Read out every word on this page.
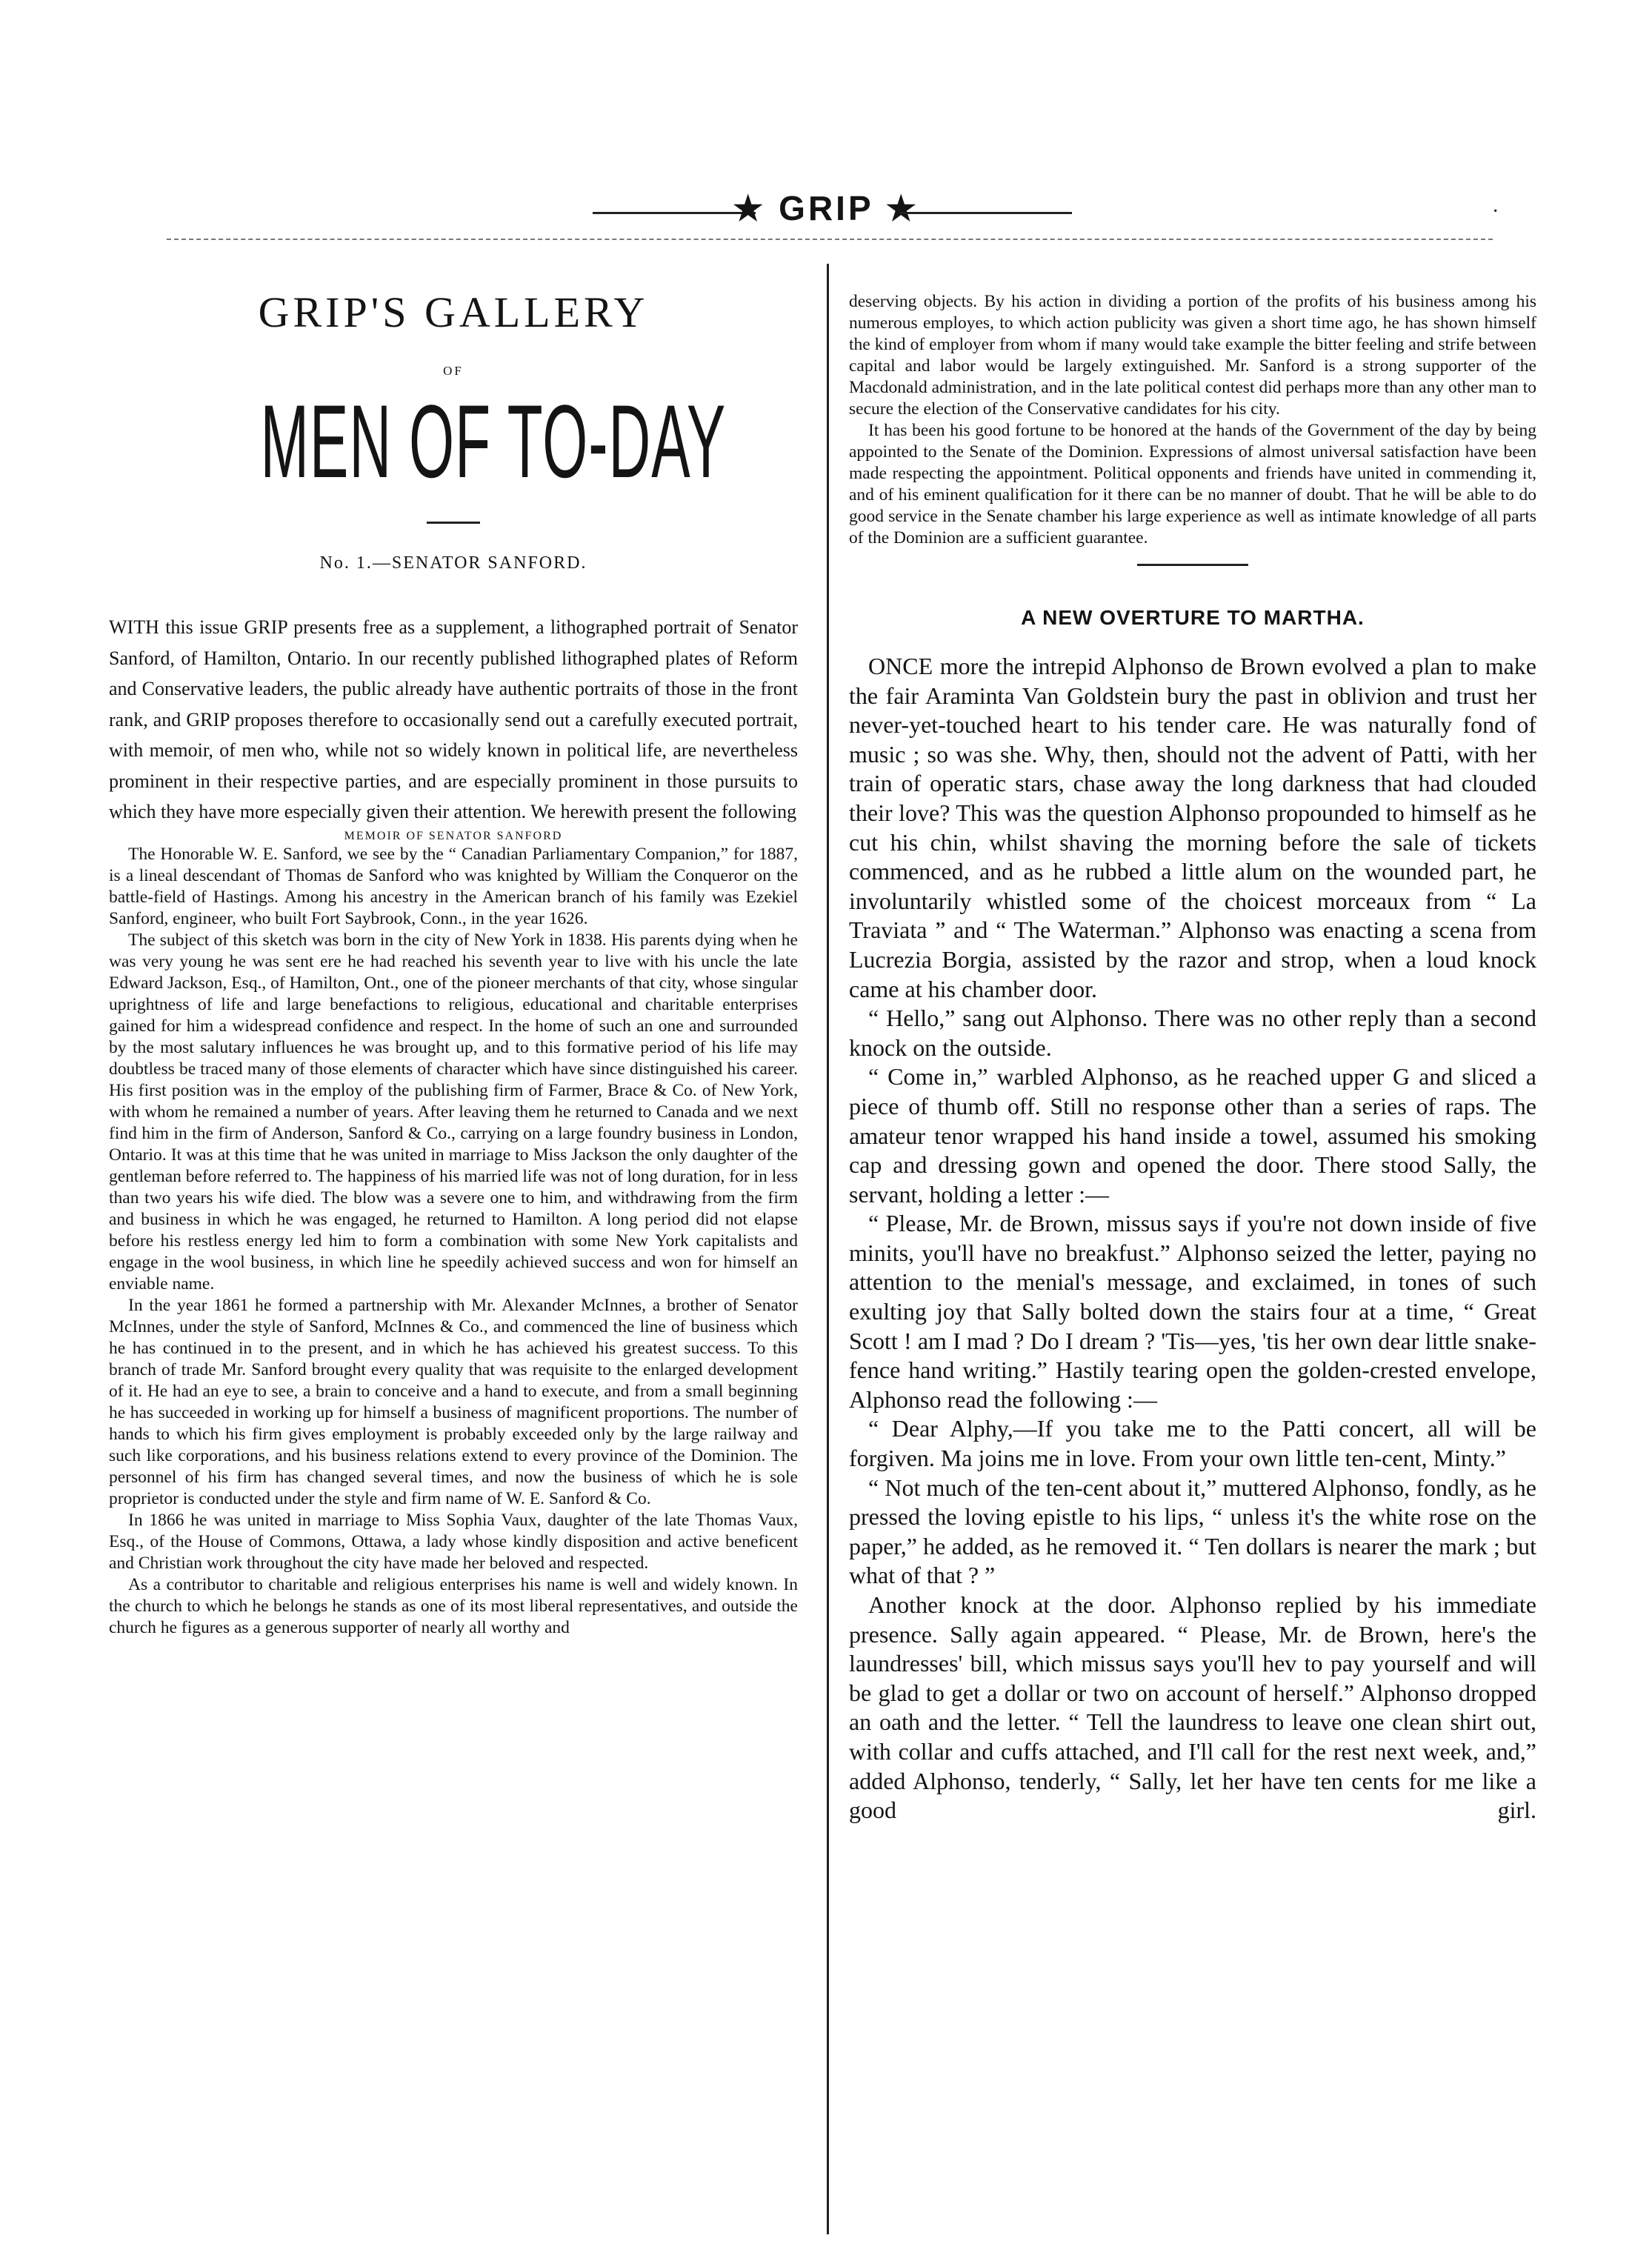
★ GRIP ★	·
GRIP'S GALLERY
OF
MEN OF TO-DAY
No. 1.—SENATOR SANFORD.
WITH this issue GRIP presents free as a supplement, a lithographed portrait of Senator Sanford, of Hamilton, Ontario. In our recently published lithographed plates of Reform and Conservative leaders, the public already have authentic portraits of those in the front rank, and GRIP proposes therefore to occasionally send out a carefully executed portrait, with memoir, of men who, while not so widely known in political life, are nevertheless prominent in their respective parties, and are especially prominent in those pursuits to which they have more especially given their attention. We herewith present the following
MEMOIR OF SENATOR SANFORD

The Honorable W. E. Sanford, we see by the “ Canadian Parliamentary Companion,” for 1887, is a lineal descendant of Thomas de Sanford who was knighted by William the Conqueror on the battle-field of Hastings. Among his ancestry in the American branch of his family was Ezekiel Sanford, engineer, who built Fort Saybrook, Conn., in the year 1626.

The subject of this sketch was born in the city of New York in 1838. His parents dying when he was very young he was sent ere he had reached his seventh year to live with his uncle the late Edward Jackson, Esq., of Hamilton, Ont., one of the pioneer merchants of that city, whose singular uprightness of life and large benefactions to religious, educational and charitable enterprises gained for him a widespread confidence and respect. In the home of such an one and surrounded by the most salutary influences he was brought up, and to this formative period of his life may doubtless be traced many of those elements of character which have since distinguished his career. His first position was in the employ of the publishing firm of Farmer, Brace & Co. of New York, with whom he remained a number of years. After leaving them he returned to Canada and we next find him in the firm of Anderson, Sanford & Co., carrying on a large foundry business in London, Ontario. It was at this time that he was united in marriage to Miss Jackson the only daughter of the gentleman before referred to. The happiness of his married life was not of long duration, for in less than two years his wife died. The blow was a severe one to him, and withdrawing from the firm and business in which he was engaged, he returned to Hamilton. A long period did not elapse before his restless energy led him to form a combination with some New York capitalists and engage in the wool business, in which line he speedily achieved success and won for himself an enviable name.

In the year 1861 he formed a partnership with Mr. Alexander McInnes, a brother of Senator McInnes, under the style of Sanford, McInnes & Co., and commenced the line of business which he has continued in to the present, and in which he has achieved his greatest success. To this branch of trade Mr. Sanford brought every quality that was requisite to the enlarged development of it. He had an eye to see, a brain to conceive and a hand to execute, and from a small beginning he has succeeded in working up for himself a business of magnificent proportions. The number of hands to which his firm gives employment is probably exceeded only by the large railway and such like corporations, and his business relations extend to every province of the Dominion. The personnel of his firm has changed several times, and now the business of which he is sole proprietor is conducted under the style and firm name of W. E. Sanford & Co.

In 1866 he was united in marriage to Miss Sophia Vaux, daughter of the late Thomas Vaux, Esq., of the House of Commons, Ottawa, a lady whose kindly disposition and active beneficent and Christian work throughout the city have made her beloved and respected.

As a contributor to charitable and religious enterprises his name is well and widely known. In the church to which he belongs he stands as one of its most liberal representatives, and outside the church he figures as a generous supporter of nearly all worthy and

deserving objects. By his action in dividing a portion of the profits of his business among his numerous employes, to which action publicity was given a short time ago, he has shown himself the kind of employer from whom if many would take example the bitter feeling and strife between capital and labor would be largely extinguished. Mr. Sanford is a strong supporter of the Macdonald administration, and in the late political contest did perhaps more than any other man to secure the election of the Conservative candidates for his city.

It has been his good fortune to be honored at the hands of the Government of the day by being appointed to the Senate of the Dominion. Expressions of almost universal satisfaction have been made respecting the appointment. Political opponents and friends have united in commending it, and of his eminent qualification for it there can be no manner of doubt. That he will be able to do good service in the Senate chamber his large experience as well as intimate knowledge of all parts of the Dominion are a sufficient guarantee.

A NEW OVERTURE TO MARTHA.

ONCE more the intrepid Alphonso de Brown evolved a plan to make the fair Araminta Van Goldstein bury the past in oblivion and trust her never-yet-touched heart to his tender care. He was naturally fond of music ; so was she. Why, then, should not the advent of Patti, with her train of operatic stars, chase away the long darkness that had clouded their love? This was the question Alphonso propounded to himself as he cut his chin, whilst shaving the morning before the sale of tickets commenced, and as he rubbed a little alum on the wounded part, he involuntarily whistled some of the choicest morceaux from “ La Traviata ” and “ The Waterman.” Alphonso was enacting a scena from Lucrezia Borgia, assisted by the razor and strop, when a loud knock came at his chamber door.

“ Hello,” sang out Alphonso. There was no other reply than a second knock on the outside.

“ Come in,” warbled Alphonso, as he reached upper G and sliced a piece of thumb off. Still no response other than a series of raps. The amateur tenor wrapped his hand inside a towel, assumed his smoking cap and dressing gown and opened the door. There stood Sally, the servant, holding a letter :—

“ Please, Mr. de Brown, missus says if you're not down inside of five minits, you'll have no breakfust.” Alphonso seized the letter, paying no attention to the menial's message, and exclaimed, in tones of such exulting joy that Sally bolted down the stairs four at a time, “ Great Scott ! am I mad ? Do I dream ? 'Tis—yes, 'tis her own dear little snake-fence hand writing.” Hastily tearing open the golden-crested envelope, Alphonso read the following :—

“ Dear Alphy,—If you take me to the Patti concert, all will be forgiven. Ma joins me in love. From your own little ten-cent, Minty.”

“ Not much of the ten-cent about it,” muttered Alphonso, fondly, as he pressed the loving epistle to his lips, “ unless it's the white rose on the paper,” he added, as he removed it. “ Ten dollars is nearer the mark ; but what of that ? ”

Another knock at the door. Alphonso replied by his immediate presence. Sally again appeared. “ Please, Mr. de Brown, here's the laundresses' bill, which missus says you'll hev to pay yourself and will be glad to get a dollar or two on account of herself.” Alphonso dropped an oath and the letter. “ Tell the laundress to leave one clean shirt out, with collar and cuffs attached, and I'll call for the rest next week, and,” added Alphonso, tenderly, “ Sally, let her have ten cents for me like a good girl.
